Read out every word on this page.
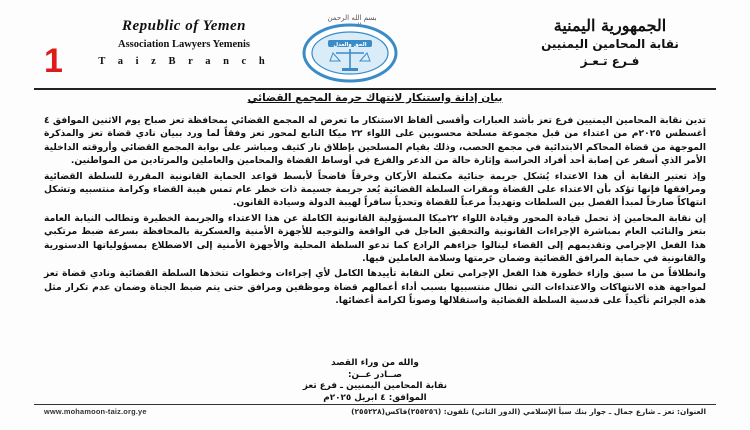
Republic of Yemen
Association Lawyers Yemenis
T a i z B r a n c h
1
بسم الله الرحمن
الحق والعدل
الجمهورية اليمنية
نقابة المحامين اليمنيين
فـرع تـعـز
بيان إدانة واستنكار لانتهاك حرمة المجمع القضائي

تدين نقابة المحامين اليمنيين فرع تعز بأشد العبارات وأقسى ألفاظ الاستنكار ما تعرض له المجمع القضائي بمحافظة تعز صباح يوم الاثنين الموافق ٤ أغسطس ٢٠٢٥م من اعتداء من قبل مجموعة مسلحة محسوبين على اللواء ٢٢ ميكا التابع لمحور تعز وفقاً لما ورد ببيان نادي قضاة تعز والمذكرة الموجهة من قضاة المحاكم الابتدائية في مجمع الحصب، وذلك بقيام المسلحين بإطلاق نار كثيف ومباشر على بوابة المجمع القضائي وأروقته الداخلية الأمر الذي أسفر عن إصابة أحد أفراد الحراسة وإثارة حالة من الذعر والفزع في أوساط القضاة والمحامين والعاملين والمرتادين من المواطنين.

وإذ تعتبر النقابة أن هذا الاعتداء يُشكل جريمة جنائية مكتملة الأركان وخرقاً فاضحاً لأبسط قواعد الحماية القانونية المقررة للسلطة القضائية ومرافقها فإنها تؤكد بأن الاعتداء على القضاة ومقرات السلطة القضائية يُعد جريمة جسيمة ذات خطر عام تمس هيبة القضاء وكرامة منتسبيه وتشكل انتهاكاً صارخاً لمبدأ الفصل بين السلطات وتهديداً مرعباً للقضاة وتحدياً سافراً لهيبة الدولة وسيادة القانون.

إن نقابة المحامين إذ تحمل قيادة المحور وقيادة اللواء ٢٢ميكا المسؤولية القانونية الكاملة عن هذا الاعتداء والجريمة الخطيرة وتطالب النيابة العامة بتعز والنائب العام بمباشرة الإجراءات القانونية والتحقيق العاجل في الواقعة والتوجيه للأجهزة الأمنية والعسكرية بالمحافظة بسرعة ضبط مرتكبي هذا الفعل الإجرامي وتقديمهم إلى القضاء لينالوا جزاءهم الرادع كما تدعو السلطة المحلية والأجهزة الأمنية إلى الاضطلاع بمسؤولياتها الدستورية والقانونية في حماية المرافق القضائية وضمان حرمتها وسلامة العاملين فيها.

وانطلاقاً من ما سبق وإزاء خطورة هذا الفعل الإجرامي تعلن النقابة تأييدها الكامل لأي إجراءات وخطوات تتخذها السلطة القضائية ونادي قضاة تعز لمواجهة هذه الانتهاكات والاعتداءات التي تطال منتسبيها بسبب أداء أعمالهم قضاة وموظفين ومرافق حتى يتم ضبط الجناة وضمان عدم تكرار مثل هذه الجرائم تأكيداً على قدسية السلطة القضائية واستقلالها وصوناً لكرامة أعضائها.

والله من وراء القصد
صــادر عــن:
نقابة المحامين اليمنيين ـ فرع تعز
الموافق: ٤ ابريل ٢٠٢٥م
www.mohamoon-taiz.org.ye	العنوان: تعز ـ شارع جمال ـ جوار بنك سبأ الإسلامي (الدور الثاني) تلفون: (٢٥٥٢٥٦)فاكس(٢٥٥٢٢٨)
